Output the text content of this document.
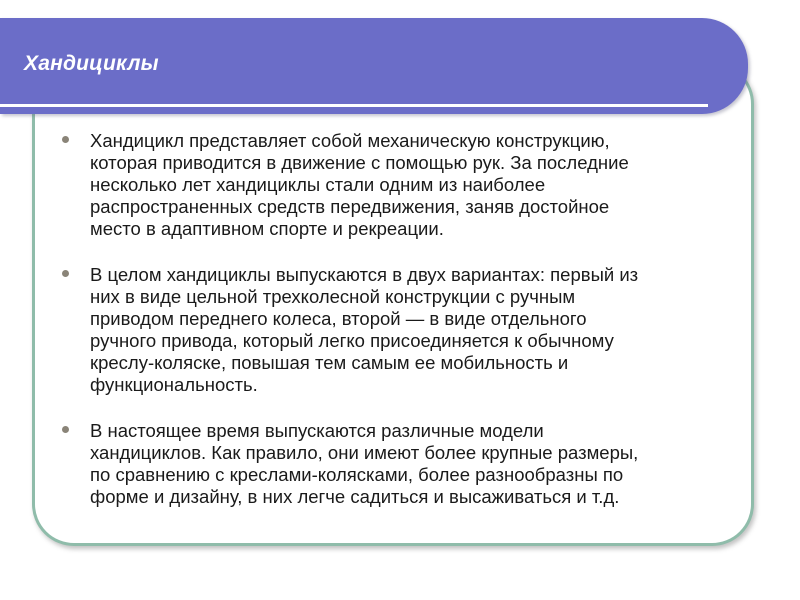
Хандициклы
Хандицикл представляет собой механическую конструкцию,
которая приводится в движение с помощью рук. За последние
несколько лет хандициклы стали одним из наиболее
распространенных средств передвижения, заняв достойное
место в адаптивном спорте и рекреации.
В целом хандициклы выпускаются в двух вариантах: первый из
них в виде цельной трехколесной конструкции с ручным
приводом переднего колеса, второй — в виде отдельного
ручного привода, который легко присоединяется к обычному
креслу-коляске, повышая тем самым ее мобильность и
функциональность.
В настоящее время выпускаются различные модели
хандициклов. Как правило, они имеют более крупные размеры,
по сравнению с креслами-колясками, более разнообразны по
форме и дизайну, в них легче садиться и высаживаться и т.д.
